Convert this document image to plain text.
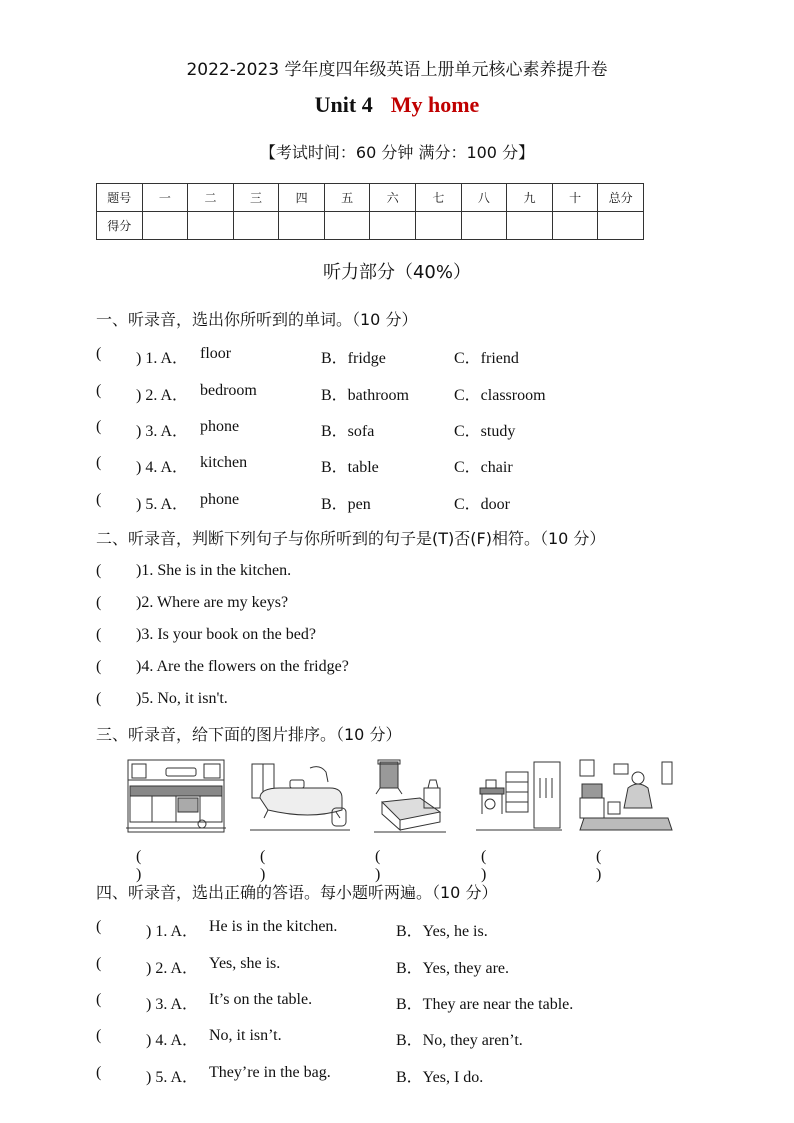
2022-2023 学年度四年级英语上册单元核心素养提升卷
Unit 4 My home
【考试时间：60 分钟 满分：100 分】
题号	一	二	三	四	五	六	七	八	九	十	总分
得分											
听力部分（40%）
一、听录音，选出你所听到的单词。（10 分）
( ) 1. A． floor	B．fridge	C．friend
( ) 2. A． bedroom	B．bathroom	C．classroom
( ) 3. A． phone	B．sofa	C．study
( ) 4. A． kitchen	B．table	C．chair
( ) 5. A． phone	B．pen	C．door
二、听录音，判断下列句子与你所听到的句子是(T)否(F)相符。（10 分）
( )1. She is in the kitchen.
( )2. Where are my keys?
( )3. Is your book on the bed?
( )4. Are the flowers on the fridge?
( )5. No, it isn't.
三、听录音，给下面的图片排序。（10 分）
( )
( )
( )
( )
( )
四、听录音，选出正确的答语。每小题听两遍。（10 分）
(	) 1. A． He is in the kitchen.	B．Yes, he is.
(	) 2. A． Yes, she is.	B．Yes, they are.
(	) 3. A． It’s on the table.	B．They are near the table.
(	) 4. A． No, it isn’t.	B．No, they aren’t.
(	) 5. A． They’re in the bag.	B．Yes, I do.
